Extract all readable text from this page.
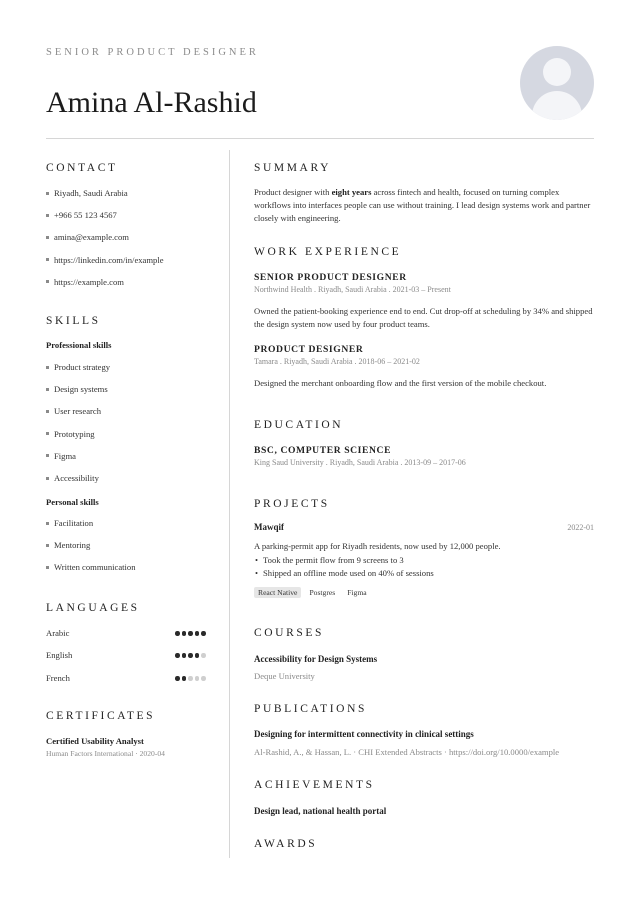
SENIOR PRODUCT DESIGNER
Amina Al-Rashid
CONTACT
Riyadh, Saudi Arabia
+966 55 123 4567
amina@example.com
https://linkedin.com/in/example
https://example.com
SKILLS
Professional skills
Product strategy
Design systems
User research
Prototyping
Figma
Accessibility
Personal skills
Facilitation
Mentoring
Written communication
LANGUAGES
Arabic
English
French
CERTIFICATES
Certified Usability Analyst
Human Factors International · 2020-04
SUMMARY
Product designer with eight years across fintech and health, focused on turning complex workflows into interfaces people can use without training. I lead design systems work and partner closely with engineering.
WORK EXPERIENCE
SENIOR PRODUCT DESIGNER
Northwind Health . Riyadh, Saudi Arabia . 2021-03 – Present
Owned the patient-booking experience end to end. Cut drop-off at scheduling by 34% and shipped the design system now used by four product teams.
PRODUCT DESIGNER
Tamara . Riyadh, Saudi Arabia . 2018-06 – 2021-02
Designed the merchant onboarding flow and the first version of the mobile checkout.
EDUCATION
BSC, COMPUTER SCIENCE
King Saud University . Riyadh, Saudi Arabia . 2013-09 – 2017-06
PROJECTS
Mawqif	2022-01
A parking-permit app for Riyadh residents, now used by 12,000 people.
• Took the permit flow from 9 screens to 3
• Shipped an offline mode used on 40% of sessions
React Native	Postgres	Figma
COURSES
Accessibility for Design Systems
Deque University
PUBLICATIONS
Designing for intermittent connectivity in clinical settings
Al-Rashid, A., & Hassan, L. · CHI Extended Abstracts · https://doi.org/10.0000/example
ACHIEVEMENTS
Design lead, national health portal
AWARDS
